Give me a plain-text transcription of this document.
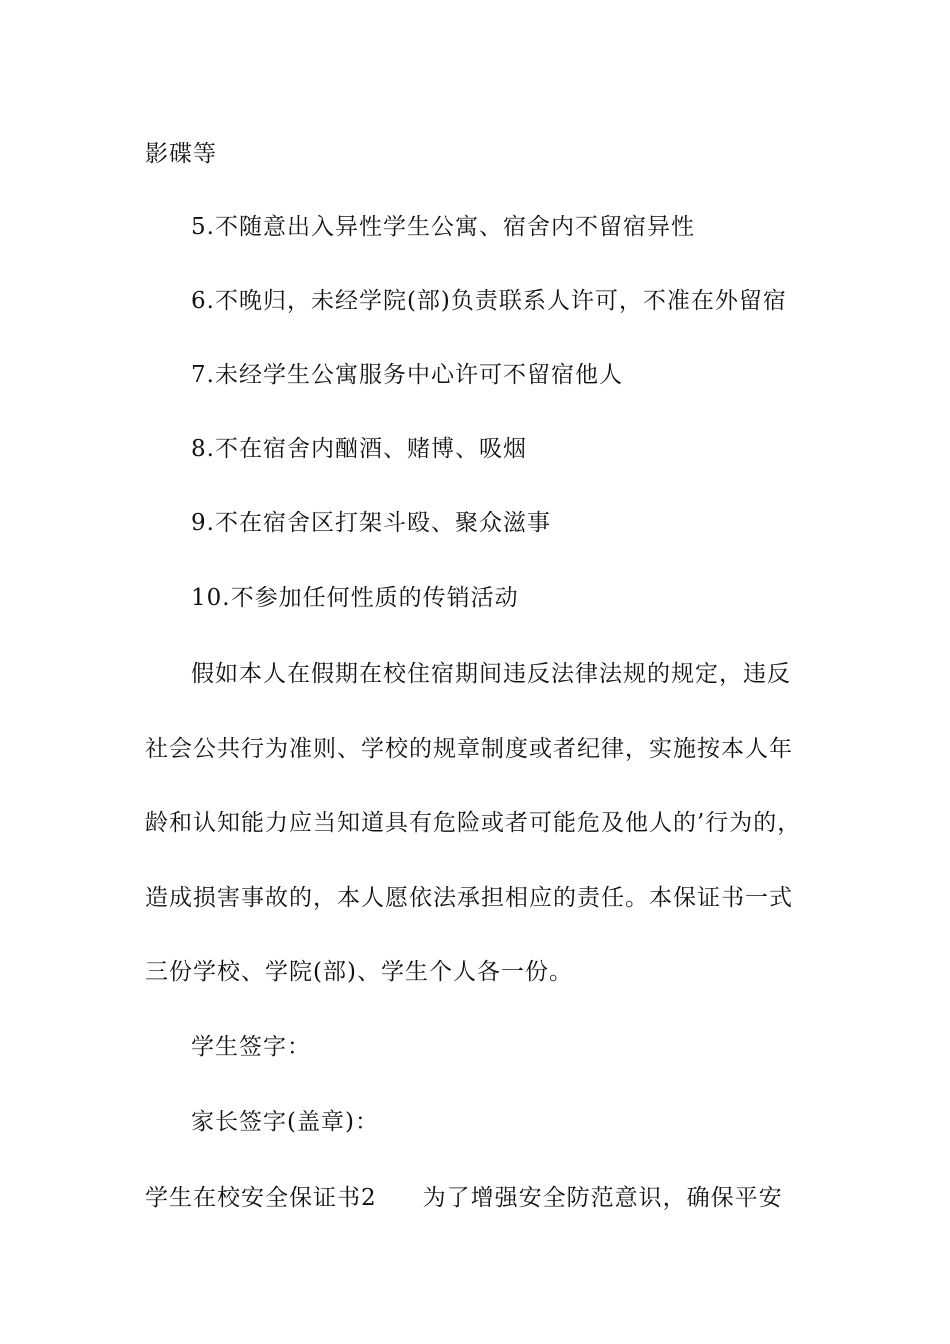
影碟等
5.不随意出入异性学生公寓、宿舍内不留宿异性
6.不晚归，未经学院(部)负责联系人许可，不准在外留宿
7.未经学生公寓服务中心许可不留宿他人
8.不在宿舍内酗酒、赌博、吸烟
9.不在宿舍区打架斗殴、聚众滋事
10.不参加任何性质的传销活动
假如本人在假期在校住宿期间违反法律法规的规定，违反
社会公共行为准则、学校的规章制度或者纪律，实施按本人年
龄和认知能力应当知道具有危险或者可能危及他人的’行为的，
造成损害事故的，本人愿依法承担相应的责任。本保证书一式
三份学校、学院(部)、学生个人各一份。
学生签字：
家长签字(盖章)：
学生在校安全保证书2 为了增强安全防范意识，确保平安
